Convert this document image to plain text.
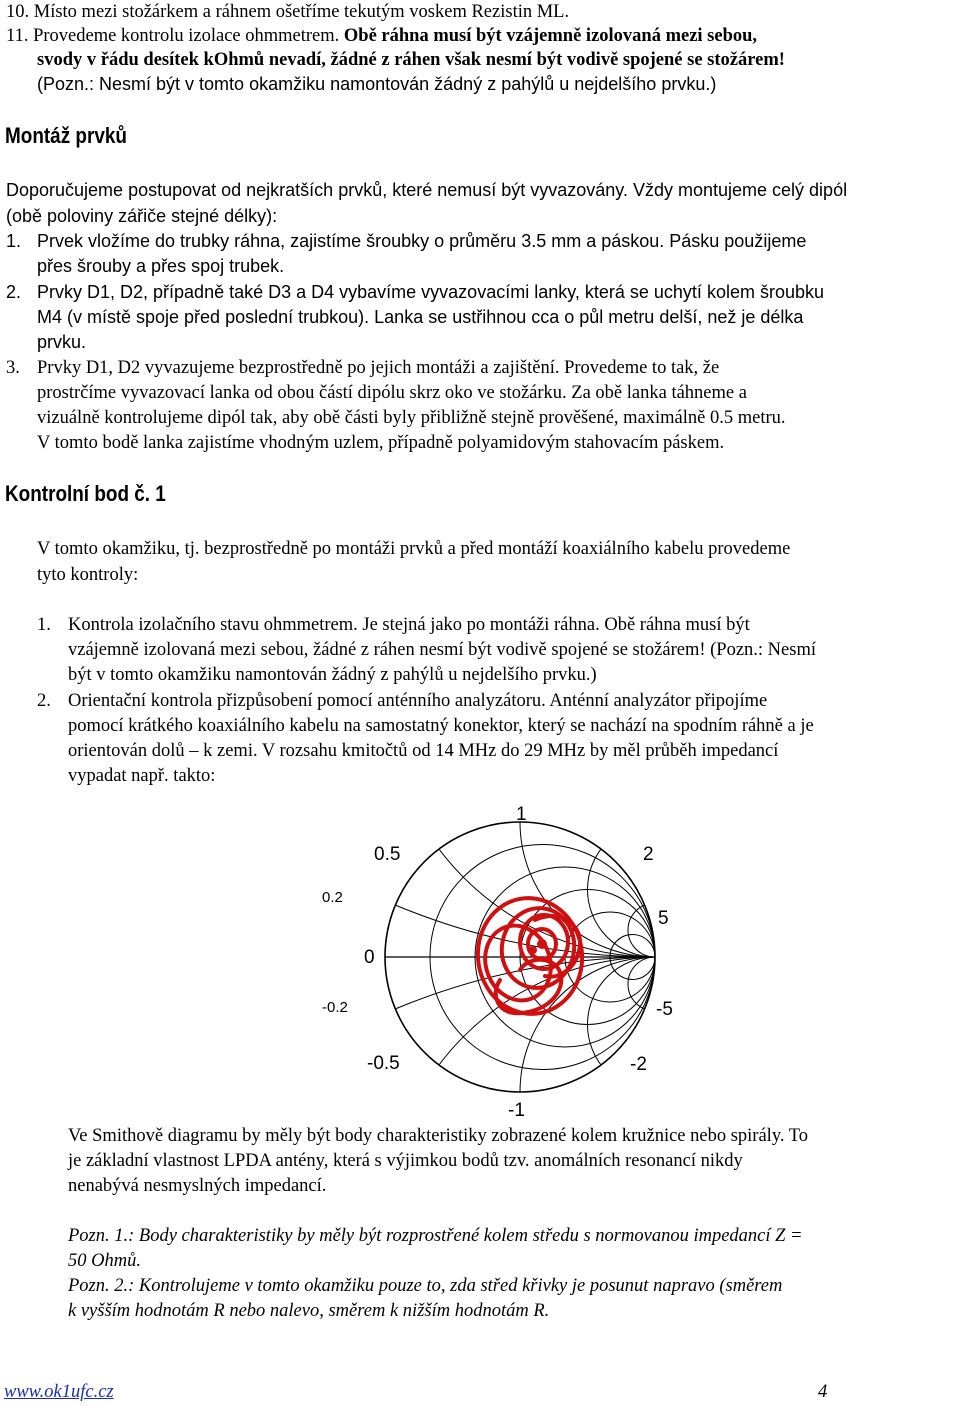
10. Místo mezi stožárkem a ráhnem ošetříme tekutým voskem Rezistin ML.
11. Provedeme kontrolu izolace ohmmetrem. Obě ráhna musí být vzájemně izolovaná mezi sebou,
svody v řádu desítek kOhmů nevadí, žádné z ráhen však nesmí být vodivě spojené se stožárem!
(Pozn.: Nesmí být v tomto okamžiku namontován žádný z pahýlů u nejdelšího prvku.)
Montáž prvků
Doporučujeme postupovat od nejkratších prvků, které nemusí být vyvazovány. Vždy montujeme celý dipól
(obě poloviny zářiče stejné délky):
1. Prvek vložíme do trubky ráhna, zajistíme šroubky o průměru 3.5 mm a páskou. Pásku použijeme
přes šrouby a přes spoj trubek.
2. Prvky D1, D2, případně také D3 a D4 vybavíme vyvazovacími lanky, která se uchytí kolem šroubku
M4 (v místě spoje před poslední trubkou). Lanka se ustřihnou cca o půl metru delší, než je délka
prvku.
3. Prvky D1, D2 vyvazujeme bezprostředně po jejich montáži a zajištění. Provedeme to tak, že
prostrčíme vyvazovací lanka od obou částí dipólu skrz oko ve stožárku. Za obě lanka táhneme a
vizuálně kontrolujeme dipól tak, aby obě části byly přibližně stejně prověšené, maximálně 0.5 metru.
V tomto bodě lanka zajistíme vhodným uzlem, případně polyamidovým stahovacím páskem.
Kontrolní bod č. 1
V tomto okamžiku, tj. bezprostředně po montáži prvků a před montáží koaxiálního kabelu provedeme
tyto kontroly:
1. Kontrola izolačního stavu ohmmetrem. Je stejná jako po montáži ráhna. Obě ráhna musí být
vzájemně izolovaná mezi sebou, žádné z ráhen nesmí být vodivě spojené se stožárem! (Pozn.: Nesmí
být v tomto okamžiku namontován žádný z pahýlů u nejdelšího prvku.)
2. Orientační kontrola přizpůsobení pomocí anténního analyzátoru. Anténní analyzátor připojíme
pomocí krátkého koaxiálního kabelu na samostatný konektor, který se nachází na spodním ráhně a je
orientován dolů – k zemi. V rozsahu kmitočtů od 14 MHz do 29 MHz by měl průběh impedancí
vypadat např. takto:
1
0.5	2
0
5
-5
-0.5	-2
-1
0.2
-0.2
Ve Smithově diagramu by měly být body charakteristiky zobrazené kolem kružnice nebo spirály. To
je základní vlastnost LPDA antény, která s výjimkou bodů tzv. anomálních resonancí nikdy
nenabývá nesmyslných impedancí.
Pozn. 1.: Body charakteristiky by měly být rozprostřené kolem středu s normovanou impedancí Z =
50 Ohmů.
Pozn. 2.: Kontrolujeme v tomto okamžiku pouze to, zda střed křivky je posunut napravo (směrem
k vyšším hodnotám R nebo nalevo, směrem k nižším hodnotám R.
www.ok1ufc.cz	4
